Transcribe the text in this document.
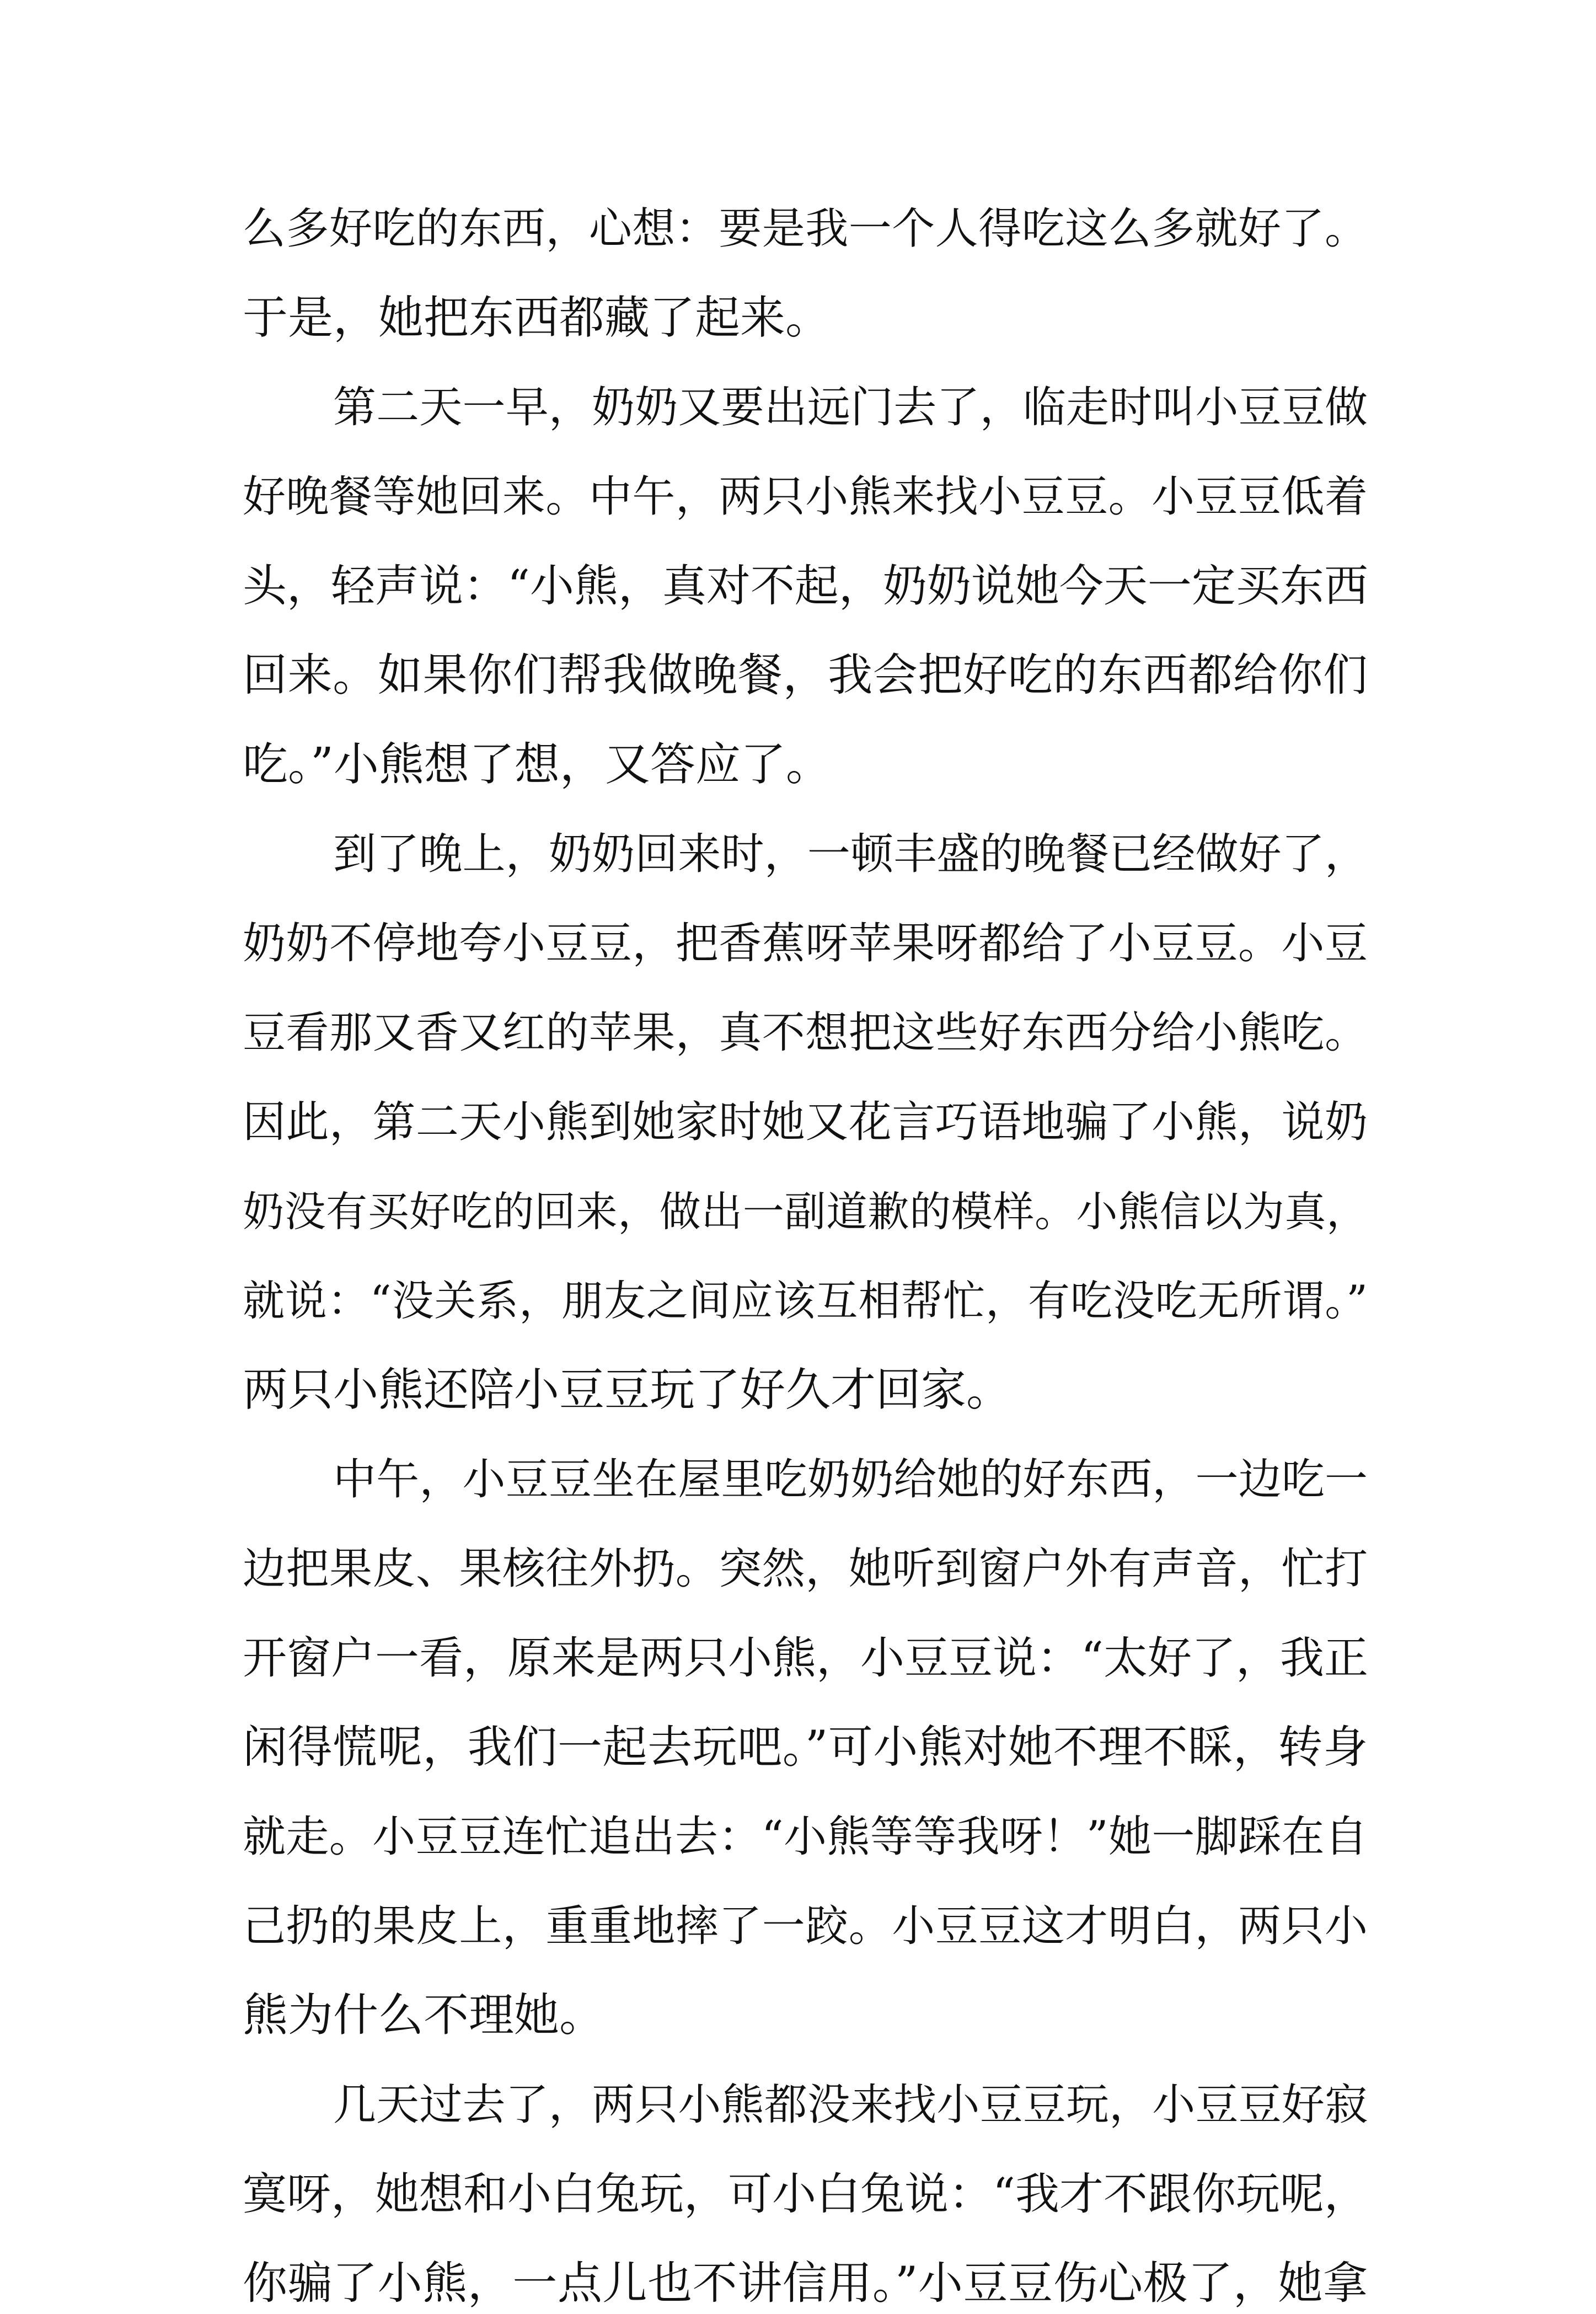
么多好吃的东西，心想：要是我一个人得吃这么多就好了。
于是，她把东西都藏了起来。
第二天一早，奶奶又要出远门去了，临走时叫小豆豆做
好晚餐等她回来。中午，两只小熊来找小豆豆。小豆豆低着
头，轻声说：“小熊，真对不起，奶奶说她今天一定买东西
回来。如果你们帮我做晚餐，我会把好吃的东西都给你们
吃。”小熊想了想，又答应了。
到了晚上，奶奶回来时，一顿丰盛的晚餐已经做好了，
奶奶不停地夸小豆豆，把香蕉呀苹果呀都给了小豆豆。小豆
豆看那又香又红的苹果，真不想把这些好东西分给小熊吃。
因此，第二天小熊到她家时她又花言巧语地骗了小熊，说奶
奶没有买好吃的回来，做出一副道歉的模样。小熊信以为真，
就说：“没关系，朋友之间应该互相帮忙，有吃没吃无所谓。”
两只小熊还陪小豆豆玩了好久才回家。
中午，小豆豆坐在屋里吃奶奶给她的好东西，一边吃一
边把果皮、果核往外扔。突然，她听到窗户外有声音，忙打
开窗户一看，原来是两只小熊，小豆豆说：“太好了，我正
闲得慌呢，我们一起去玩吧。”可小熊对她不理不睬，转身
就走。小豆豆连忙追出去：“小熊等等我呀！”她一脚踩在自
己扔的果皮上，重重地摔了一跤。小豆豆这才明白，两只小
熊为什么不理她。
几天过去了，两只小熊都没来找小豆豆玩，小豆豆好寂
寞呀，她想和小白兔玩，可小白兔说：“我才不跟你玩呢，
你骗了小熊，一点儿也不讲信用。”小豆豆伤心极了，她拿
